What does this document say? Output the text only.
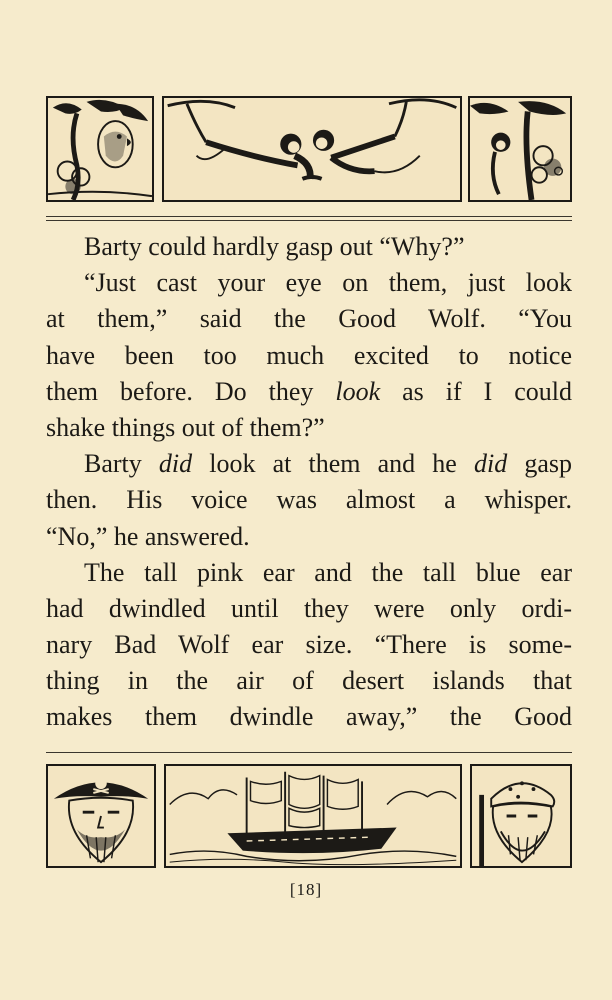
Barty could hardly gasp out “Why?”
“Just cast your eye on them, just look
at them,” said the Good Wolf. “You
have been too much excited to notice
them before. Do they look as if I could
shake things out of them?”
Barty did look at them and he did gasp
then. His voice was almost a whisper.
“No,” he answered.
The tall pink ear and the tall blue ear
had dwindled until they were only ordi-
nary Bad Wolf ear size. “There is some-
thing in the air of desert islands that
makes them dwindle away,” the Good
[18]
